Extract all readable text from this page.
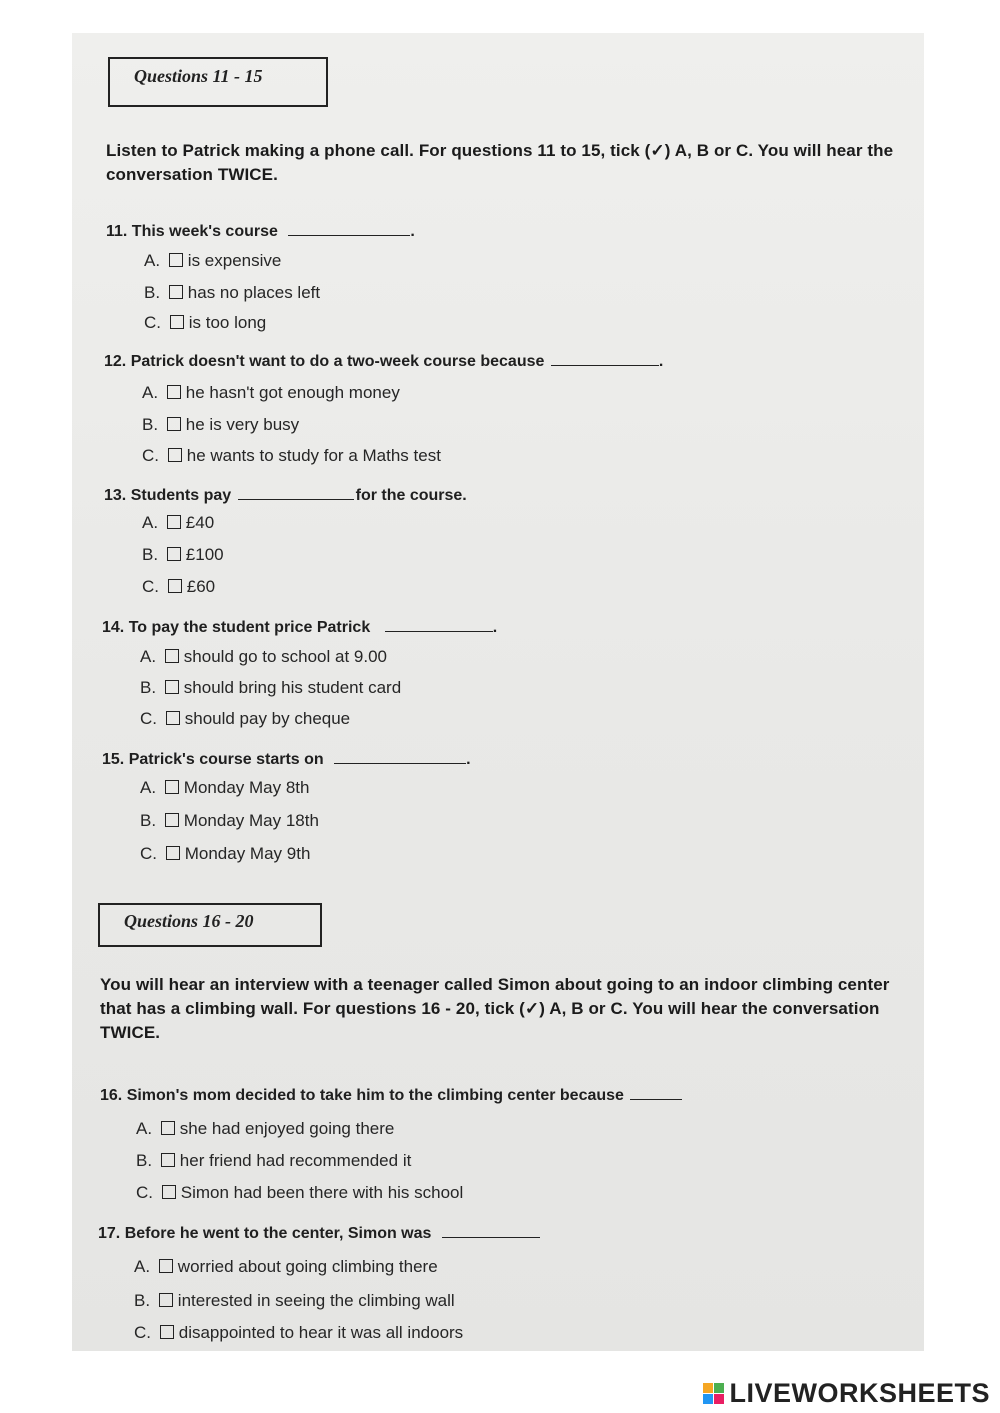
Questions 11 - 15
Listen to Patrick making a phone call. For questions 11 to 15, tick (✓) A, B or C. You will hear the conversation TWICE.
11. This week's course	.
A. is expensive
B. has no places left
C. is too long
12. Patrick doesn't want to do a two-week course because	.
A. he hasn't got enough money
B. he is very busy
C. he wants to study for a Maths test
13. Students pay	for the course.
A. £40
B. £100
C. £60
14. To pay the student price Patrick	.
A. should go to school at 9.00
B. should bring his student card
C. should pay by cheque
15. Patrick's course starts on	.
A. Monday May 8th
B. Monday May 18th
C. Monday May 9th
Questions 16 - 20
You will hear an interview with a teenager called Simon about going to an indoor climbing center that has a climbing wall. For questions 16 - 20, tick (✓) A, B or C. You will hear the conversation TWICE.
16. Simon's mom decided to take him to the climbing center because
A. she had enjoyed going there
B. her friend had recommended it
C. Simon had been there with his school
17. Before he went to the center, Simon was
A. worried about going climbing there
B. interested in seeing the climbing wall
C. disappointed to hear it was all indoors
LIVEWORKSHEETS
